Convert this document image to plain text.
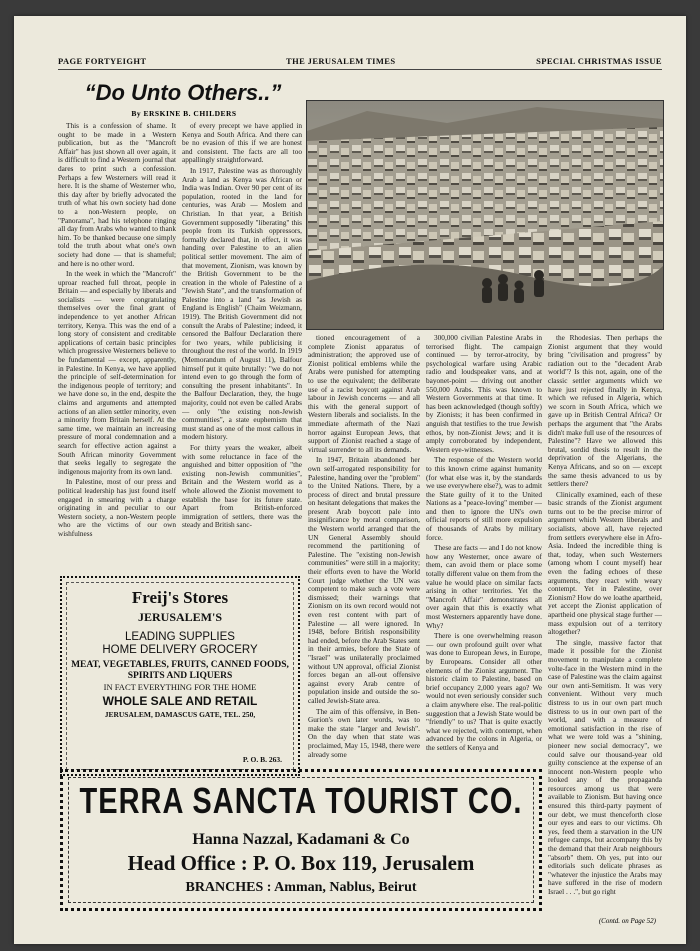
PAGE FORTYEIGHT	THE JERUSALEM TIMES	SPECIAL CHRISTMAS ISSUE
“Do Unto Others..”
By ERSKINE B. CHILDERS

This is a confession of shame. It ought to be made in a Western publication, but as the "Mancroft Affair" has just shown all over again, it is difficult to find a Western journal that dares to print such a confession. Perhaps a few Westerners will read it here. It is the shame of Westerner who, this day after by briefly advocated the truth of what his own society had done to a non-Western people, on "Panorama", had his telephone ringing all day from Arabs who wanted to thank him. To be thanked because one simply told the truth about what one's own society had done — that is shameful; and here is no other word.

In the week in which the "Mancroft" uproar reached full throat, people in Britain — and especially by liberals and socialists — were congratulating themselves over the final grant of independence to yet another African territory, Kenya. This was the end of a long story of consistent and creditable applications of certain basic principles which progressive Westerners believe to be fundamental — except, apparently, in Palestine. In Kenya, we have applied the principle of self-determination for the indigenous people of territory; and we have done so, in the end, despite the claims and arguments and attempted actions of an alien settler minority, even a minority from Britain herself. At the same time, we maintain an increasing pressure of moral condemnation and a search for effective action against a South African minority Government that seeks legally to segregate the indigenous majority from its own land.

In Palestine, most of our press and political leadership has just found itself engaged in smearing with a charge originating in and peculiar to our Western society, a non-Western people who are the victims of our own wishfulness

of every precept we have applied in Kenya and South Africa. And there can be no evasion of this if we are honest and consistent. The facts are all too appallingly straightforward.

In 1917, Palestine was as thoroughly Arab a land as Kenya was African or India was Indian. Over 90 per cent of its population, rooted in the land for centuries, was Arab — Moslem and Christian. In that year, a British Government supposedly "liberating" this people from its Turkish oppressors, formally declared that, in effect, it was handing over Palestine to an alien political settler movement. The aim of that movement, Zionism, was known by the British Government to be the creation in the whole of Palestine of a "Jewish State", and the transformation of Palestine into a land "as Jewish as England is English" (Chaim Weizmann, 1919). The British Government did not consult the Arabs of Palestine; indeed, it censored the Balfour Declaration there for two years, while publicising it throughout the rest of the world. In 1919 (Memorandum of August 11), Balfour himself put it quite brutally: "we do not intend even to go through the form of consulting the present inhabitants". In the Balfour Declaration, they, the huge majority, could not even be called Arabs — only "the existing non-Jewish communities", a state euphemism that must stand as one of the most callous in modern history.

For thirty years the weaker, albeit with some reluctance in face of the anguished and bitter opposition of "the existing non-Jewish communities", Britain and the Western world as a whole allowed the Zionist movement to establish the base for its future state. Apart from British-enforced immigration of settlers, there was the steady and British sanc-

tioned encouragement of a complete Zionist apparatus of administration; the approved use of Zionist political emblems while the Arabs were punished for attempting to use the equivalent; the deliberate use of a racist boycott against Arab labour in Jewish concerns — and all this with the general support of Western liberals and socialists. In the immediate aftermath of the Nazi horror against European Jews, that support of Zionist reached a stage of virtual surrender to all its demands.

In 1947, Britain abandoned her own self-arrogated responsibility for Palestine, handing over the "problem" to the United Nations. There, by a process of direct and brutal pressure on hesitant delegations that makes the present Arab boycott pale into insignificance by moral comparison, the Western world arranged that the UN General Assembly should recommend the partitioning of Palestine. The "existing non-Jewish communities" were still in a majority; their efforts even to have the World Court judge whether the UN was competent to make such a vote were dismissed; their warnings that Zionism on its own record would not even rest content with part of Palestine — all were ignored. In 1948, before British responsibility had ended, before the Arab States sent in their armies, before the State of "Israel" was unilaterally proclaimed without UN approval, official Zionist forces began an all-out offensive against every Arab centre of population inside and outside the so-called Jewish-State area.

The aim of this offensive, in Ben-Gurion's own later words, was to make the state "larger and Jewish". On the day when that state was proclaimed, May 15, 1948, there were already some

300,000 civilian Palestine Arabs in terrorised flight. The campaign continued — by terror-atrocity, by psychological warfare using Arabic radio and loudspeaker vans, and at bayonet-point — driving out another 550,000 Arabs. This was known to Western Governments at that time. It has been acknowledged (though softly) by Zionists; it has been confirmed in anguish that testifies to the true Jewish ethos, by non-Zionist Jews; and it is amply corroborated by independent, Western eye-witnesses.

The response of the Western world to this known crime against humanity (for what else was it, by the standards we use everywhere else?), was to admit the State guilty of it to the United Nations as a "peace-loving" member — and then to ignore the UN's own official reports of still more expulsion of thousands of Arabs by military force.

These are facts — and I do not know how any Westerner, once aware of them, can avoid them or place some totally different value on them from the value he would place on similar facts arising in other territories. Yet the "Mancroft Affair" demonstrates all over again that this is exactly what most Westerners apparently have done. Why?

There is one overwhelming reason — our own profound guilt over what was done to European Jews, in Europe, by Europeans. Consider all other elements of the Zionist argument. The historic claim to Palestine, based on brief occupancy 2,000 years ago? We would not even seriously consider such a claim anywhere else. The real-politic suggestion that a Jewish State would be "friendly" to us? That is quite exactly what we rejected, with contempt, when advanced by the colons in Algeria, or the settlers of Kenya and

the Rhodesias. Then perhaps the Zionist argument that they would bring "civilisation and progress" by radiation out to the "decadent Arab world"? Is this not, again, one of the classic settler arguments which we have just rejected finally in Kenya, which we refused in Algeria, which we scorn in South Africa, which we gave up in British Central Africa? Or perhaps the argument that "the Arabs didn't make full use of the resources of Palestine"? Have we allowed this brutal, sordid thesis to result in the deprivation of the Algerians, the Kenya Africans, and so on — except the same thesis advanced to us by settlers there?

Clinically examined, each of these basic strands of the Zionist argument turns out to be the precise mirror of argument which Western liberals and socialists, above all, have rejected from settlers everywhere else in Afro-Asia. Indeed the incredible thing is that, today, when such Westerners (among whom I count myself) hear even the fading echoes of these arguments, they react with weary contempt. Yet in Palestine, over Zionism? How do we loathe apartheid, yet accept the Zionist application of apartheid one physical stage further — mass expulsion out of a territory altogether?

The single, massive factor that made it possible for the Zionist movement to manipulate a complete volte-face in the Western mind in the case of Palestine was the claim against our own anti-Semitism. It was very convenient. Without very much distress to us in our own part much distress to us in our own part of the world, and with a measure of emotional satisfaction in the rise of what we were told was a "shining, pioneer new social democracy", we could salve our thousand-year old guilty conscience at the expense of an innocent non-Western people who looked any of the propaganda resources among us that were available to Zionism. But having once ensured this third-party payment of our debt, we must thenceforth close our eyes and ears to our victims. Oh yes, feed them a starvation in the UN refugee camps, but accompany this by the demand that their Arab neighbours "absorb" them. Oh yes, put into our editorials such delicate phrases as "whatever the injustice the Arabs may have suffered in the rise of modern Israel . . .", but go right

(Contd. on Page 52)
Freij's Stores
JERUSALEM'S
LEADING SUPPLIES
HOME DELIVERY GROCERY
MEAT, VEGETABLES, FRUITS, CANNED FOODS, SPIRITS AND LIQUERS
IN FACT EVERYTHING FOR THE HOME
WHOLE SALE AND RETAIL
JERUSALEM, DAMASCUS GATE, TEL. 250,
P. O. B. 263.
TERRA SANCTA TOURIST CO.
Hanna Nazzal, Kadamani & Co
Head Office : P. O. Box 119, Jerusalem
BRANCHES : Amman, Nablus, Beirut
